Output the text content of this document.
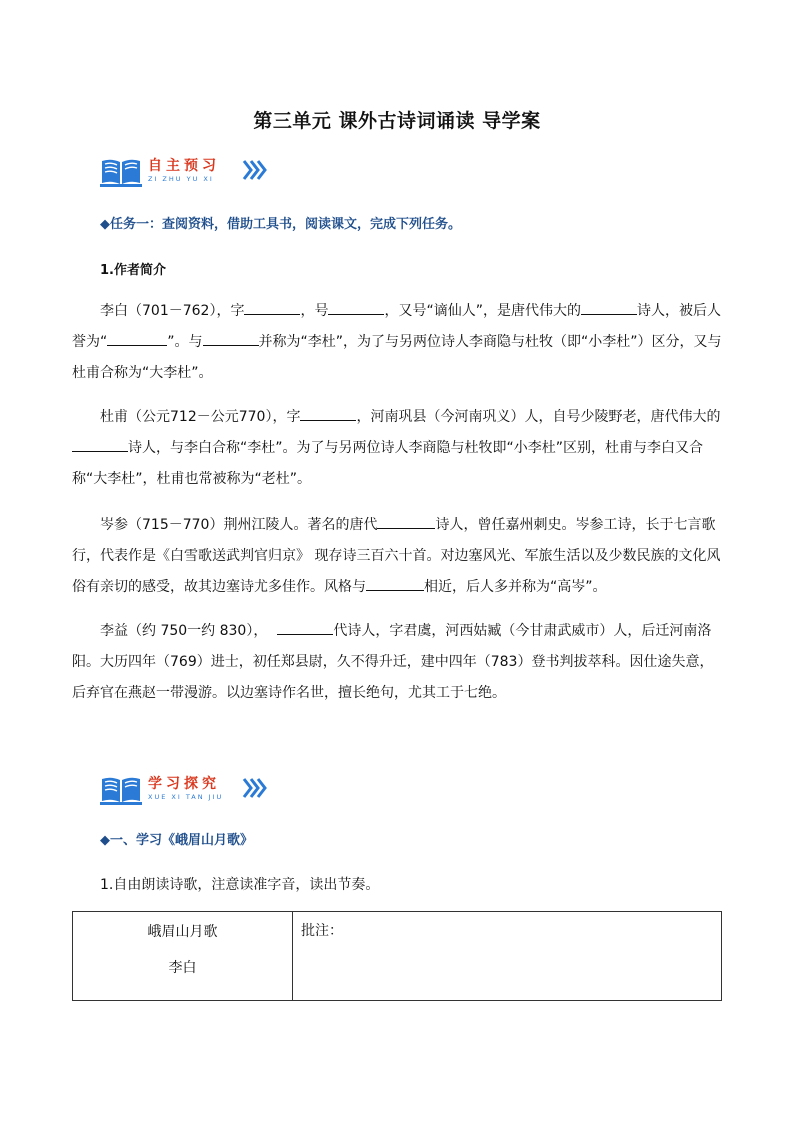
第三单元 课外古诗词诵读 导学案
自主预习
ZI ZHU YU XI
◆任务一：查阅资料，借助工具书，阅读课文，完成下列任务。
1.作者简介
李白（701－762），字	，号	，又号“谪仙人”，是唐代伟大的	诗人，被后人誉为“	”。与	并称为“李杜”，为了与另两位诗人李商隐与杜牧（即“小李杜”）区分，又与杜甫合称为“大李杜”。
杜甫（公元712－公元770），字	，河南巩县（今河南巩义）人，自号少陵野老，唐代伟大的诗人，与李白合称“李杜”。为了与另两位诗人李商隐与杜牧即“小李杜”区别，杜甫与李白又合称“大李杜”，杜甫也常被称为“老杜”。
岑参（715－770）荆州江陵人。著名的唐代	诗人，曾任嘉州刺史。岑参工诗，长于七言歌行，代表作是《白雪歌送武判官归京》 现存诗三百六十首。对边塞风光、军旅生活以及少数民族的文化风俗有亲切的感受，故其边塞诗尤多佳作。风格与	相近，后人多并称为“高岑”。
李益（约 750一约 830），	代诗人，字君虞，河西姑臧（今甘肃武威市）人，后迁河南洛阳。大历四年（769）进士，初任郑县尉，久不得升迁，建中四年（783）登书判拔萃科。因仕途失意，后弃官在燕赵一带漫游。以边塞诗作名世，擅长绝句，尤其工于七绝。
学习探究
XUE XI TAN JIU
◆一、学习《峨眉山月歌》
1.自由朗读诗歌，注意读准字音，读出节奏。
峨眉山月歌
李白
	批注：
